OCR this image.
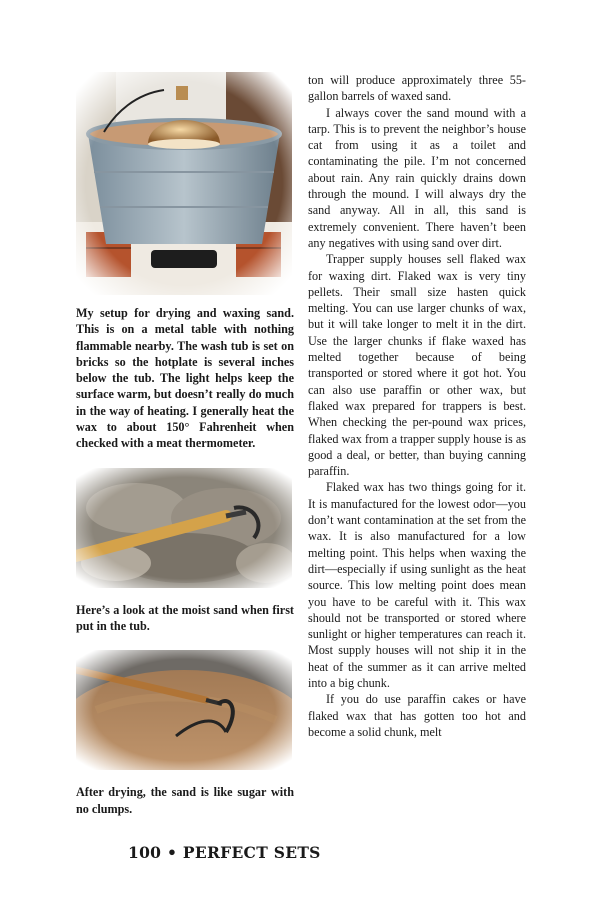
My setup for drying and waxing sand. This is on a metal table with nothing flammable nearby. The wash tub is set on bricks so the hotplate is several inches below the tub. The light helps keep the surface warm, but doesn’t really do much in the way of heating. I generally heat the wax to about 150° Fahrenheit when checked with a meat thermometer.

Here’s a look at the moist sand when first put in the tub.

After drying, the sand is like sugar with no clumps.

ton will produce approximately three 55-gallon barrels of waxed sand.

I always cover the sand mound with a tarp. This is to prevent the neighbor’s house cat from using it as a toilet and contaminating the pile. I’m not concerned about rain. Any rain quickly drains down through the mound. I will always dry the sand anyway. All in all, this sand is extremely convenient. There haven’t been any negatives with using sand over dirt.

Trapper supply houses sell flaked wax for waxing dirt. Flaked wax is very tiny pellets. Their small size hasten quick melting. You can use larger chunks of wax, but it will take longer to melt it in the dirt. Use the larger chunks if flake waxed has melted together because of being transported or stored where it got hot. You can also use paraffin or other wax, but flaked wax prepared for trappers is best. When checking the per-pound wax prices, flaked wax from a trapper supply house is as good a deal, or better, than buying canning paraffin.

Flaked wax has two things going for it. It is manufactured for the lowest odor—you don’t want contamination at the set from the wax. It is also manufactured for a low melting point. This helps when waxing the dirt—especially if using sunlight as the heat source. This low melting point does mean you have to be careful with it. This wax should not be transported or stored where sunlight or higher temperatures can reach it. Most supply houses will not ship it in the heat of the summer as it can arrive melted into a big chunk.

If you do use paraffin cakes or have flaked wax that has gotten too hot and become a solid chunk, melt

100 • PERFECT SETS
